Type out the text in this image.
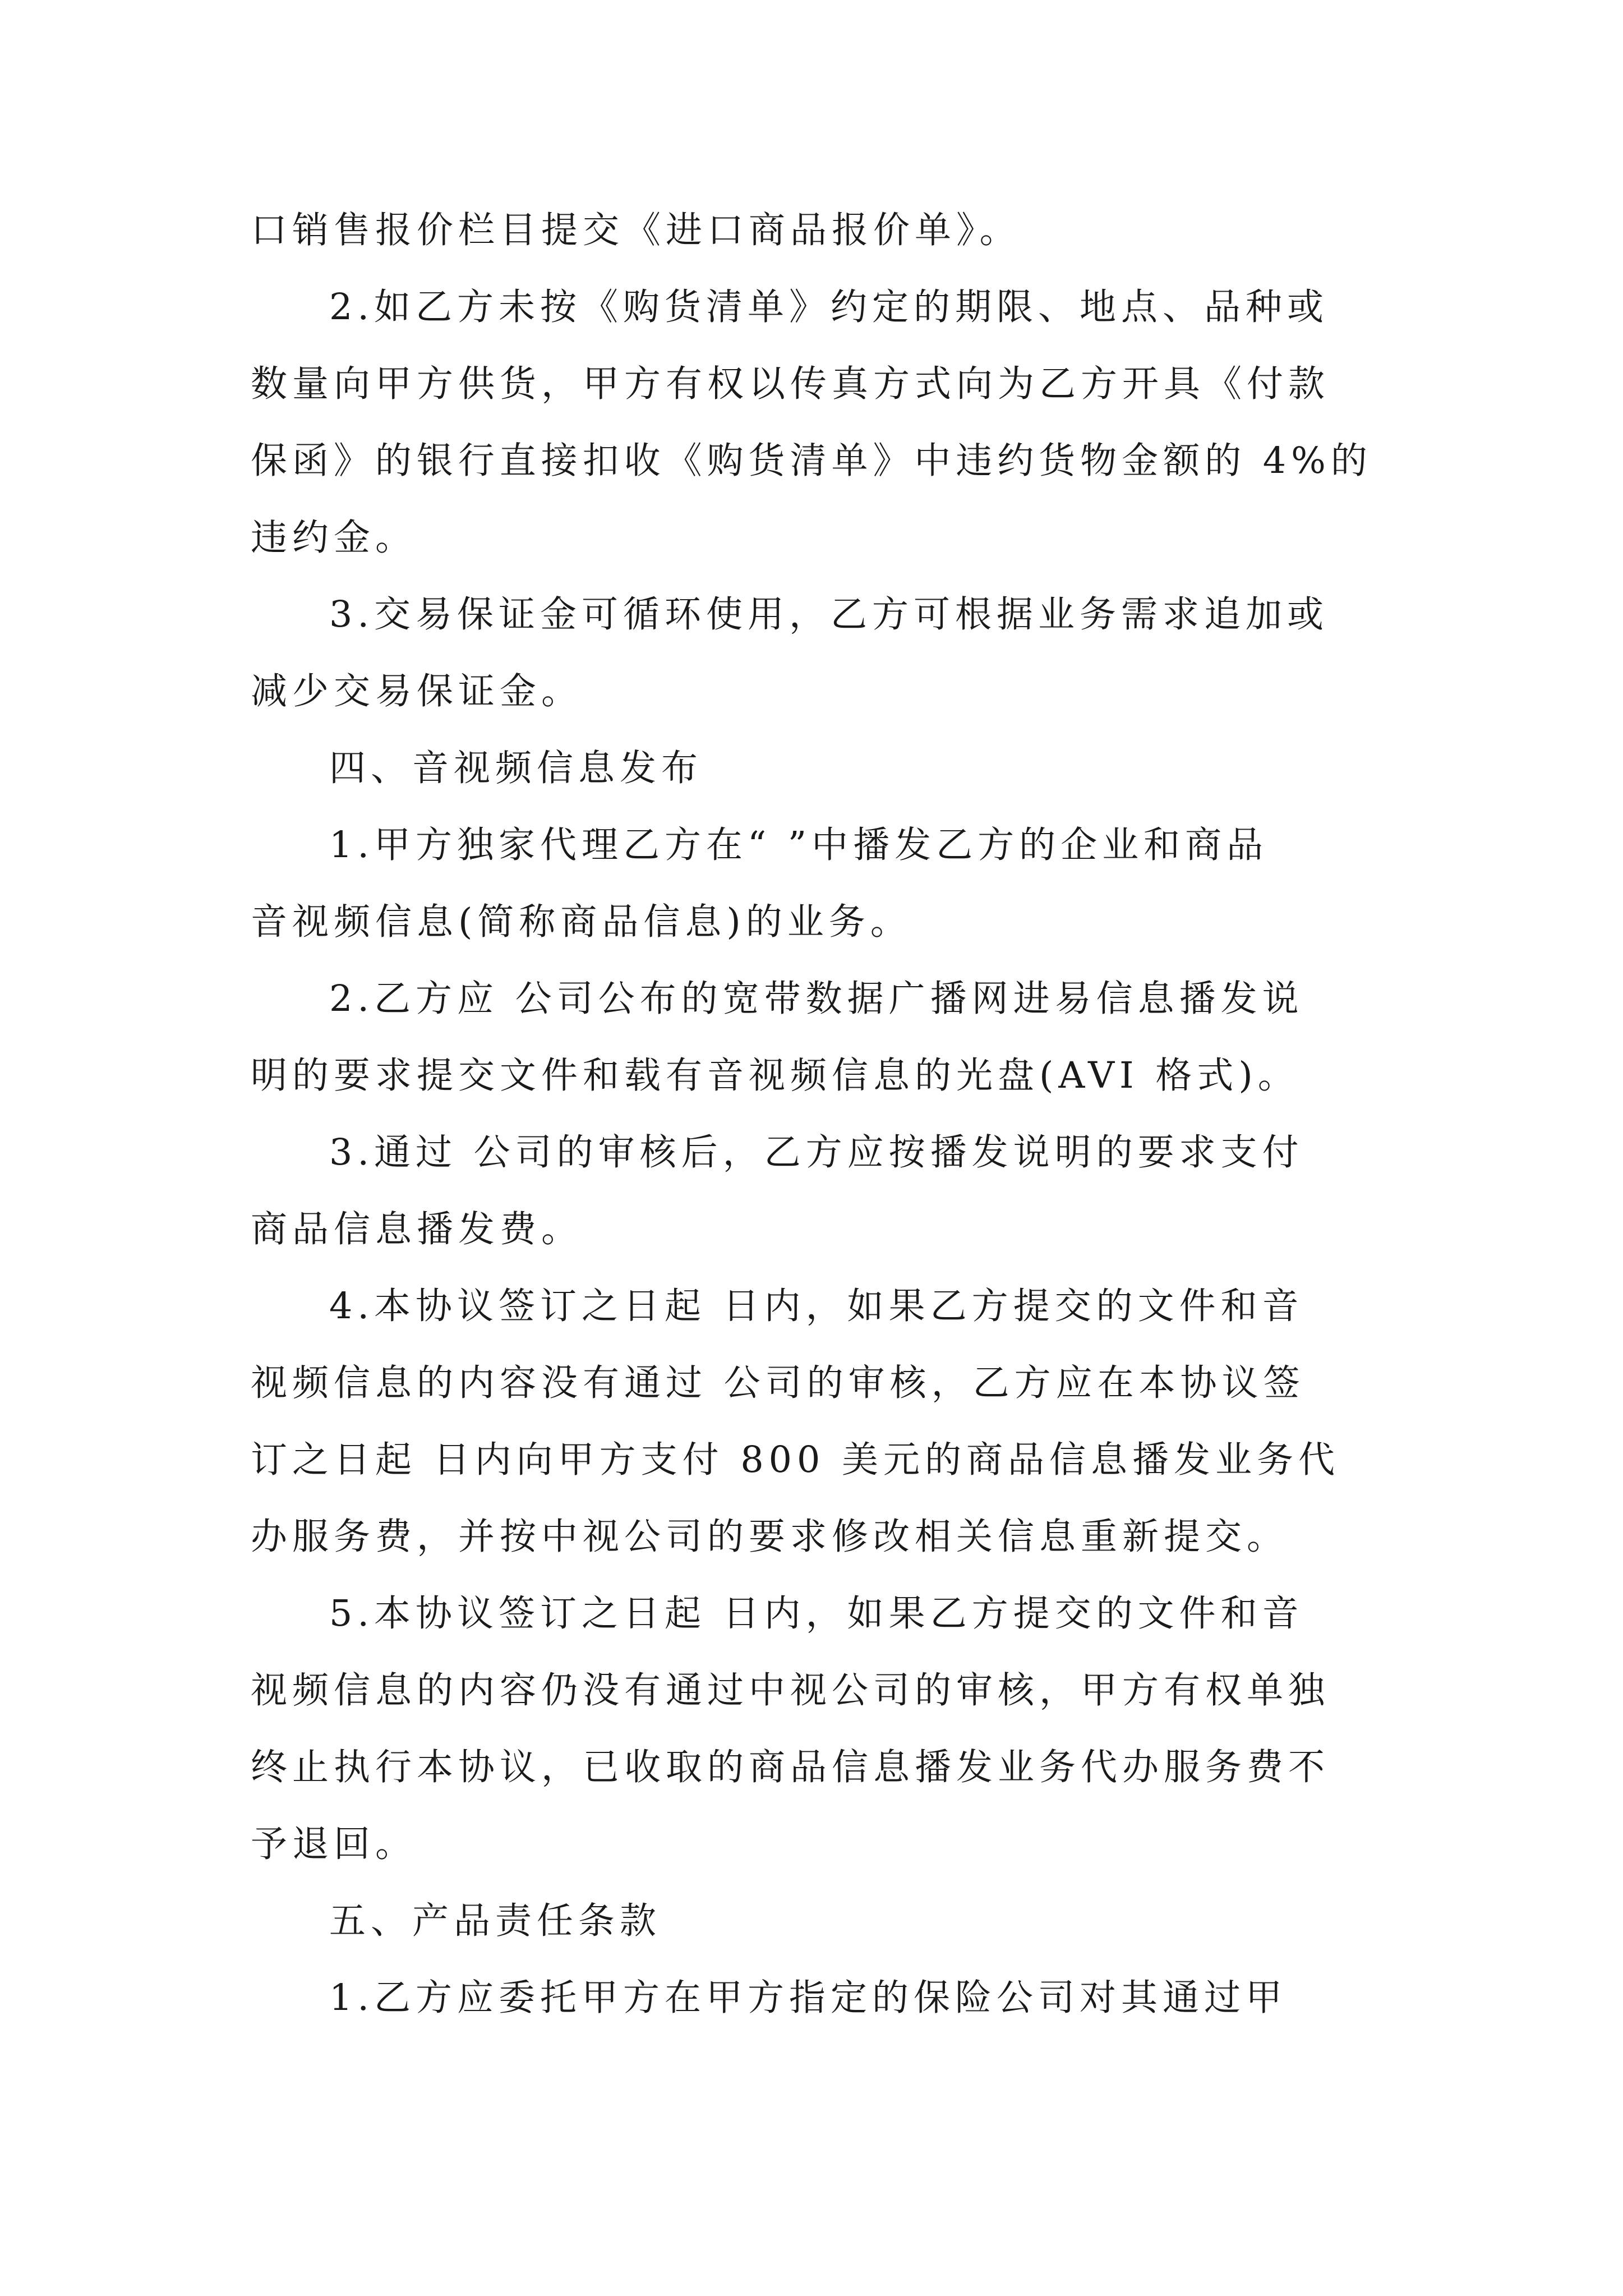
口销售报价栏目提交《进口商品报价单》。
2.如乙方未按《购货清单》约定的期限、地点、品种或
数量向甲方供货，甲方有权以传真方式向为乙方开具《付款
保函》的银行直接扣收《购货清单》中违约货物金额的 4%的
违约金。
3.交易保证金可循环使用，乙方可根据业务需求追加或
减少交易保证金。
四、音视频信息发布
1.甲方独家代理乙方在“ ”中播发乙方的企业和商品
音视频信息(简称商品信息)的业务。
2.乙方应 公司公布的宽带数据广播网进易信息播发说
明的要求提交文件和载有音视频信息的光盘(AVI 格式)。
3.通过 公司的审核后，乙方应按播发说明的要求支付
商品信息播发费。
4.本协议签订之日起 日内，如果乙方提交的文件和音
视频信息的内容没有通过 公司的审核，乙方应在本协议签
订之日起 日内向甲方支付 800 美元的商品信息播发业务代
办服务费，并按中视公司的要求修改相关信息重新提交。
5.本协议签订之日起 日内，如果乙方提交的文件和音
视频信息的内容仍没有通过中视公司的审核，甲方有权单独
终止执行本协议，已收取的商品信息播发业务代办服务费不
予退回。
五、产品责任条款
1.乙方应委托甲方在甲方指定的保险公司对其通过甲
